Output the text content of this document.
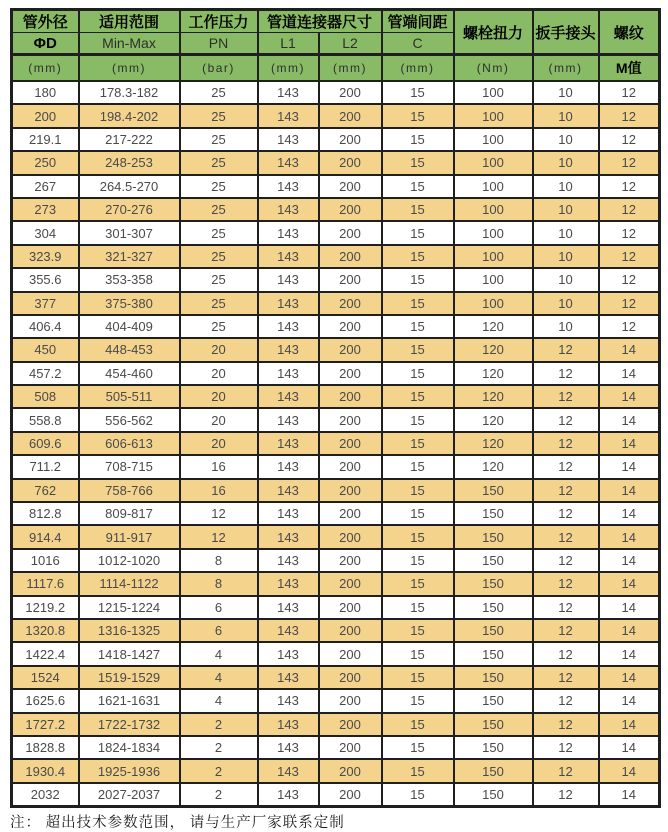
管外径	适用范围	工作压力	管道连接器尺寸		管端间距	螺栓扭力	扳手接头	螺纹
ΦD	Min-Max	PN	L1	L2	C			
(mm)	(mm)	(bar)	(mm)	(mm)	(mm)	(Nm)	(mm)	M值
180	178.3-182	25	143	200	15	100	10	12
200	198.4-202	25	143	200	15	100	10	12
219.1	217-222	25	143	200	15	100	10	12
250	248-253	25	143	200	15	100	10	12
267	264.5-270	25	143	200	15	100	10	12
273	270-276	25	143	200	15	100	10	12
304	301-307	25	143	200	15	100	10	12
323.9	321-327	25	143	200	15	100	10	12
355.6	353-358	25	143	200	15	100	10	12
377	375-380	25	143	200	15	100	10	12
406.4	404-409	25	143	200	15	120	10	12
450	448-453	20	143	200	15	120	12	14
457.2	454-460	20	143	200	15	120	12	14
508	505-511	20	143	200	15	120	12	14
558.8	556-562	20	143	200	15	120	12	14
609.6	606-613	20	143	200	15	120	12	14
711.2	708-715	16	143	200	15	120	12	14
762	758-766	16	143	200	15	150	12	14
812.8	809-817	12	143	200	15	150	12	14
914.4	911-917	12	143	200	15	150	12	14
1016	1012-1020	8	143	200	15	150	12	14
1117.6	1114-1122	8	143	200	15	150	12	14
1219.2	1215-1224	6	143	200	15	150	12	14
1320.8	1316-1325	6	143	200	15	150	12	14
1422.4	1418-1427	4	143	200	15	150	12	14
1524	1519-1529	4	143	200	15	150	12	14
1625.6	1621-1631	4	143	200	15	150	12	14
1727.2	1722-1732	2	143	200	15	150	12	14
1828.8	1824-1834	2	143	200	15	150	12	14
1930.4	1925-1936	2	143	200	15	150	12	14
2032	2027-2037	2	143	200	15	150	12	14
注： 超出技术参数范围， 请与生产厂家联系定制
